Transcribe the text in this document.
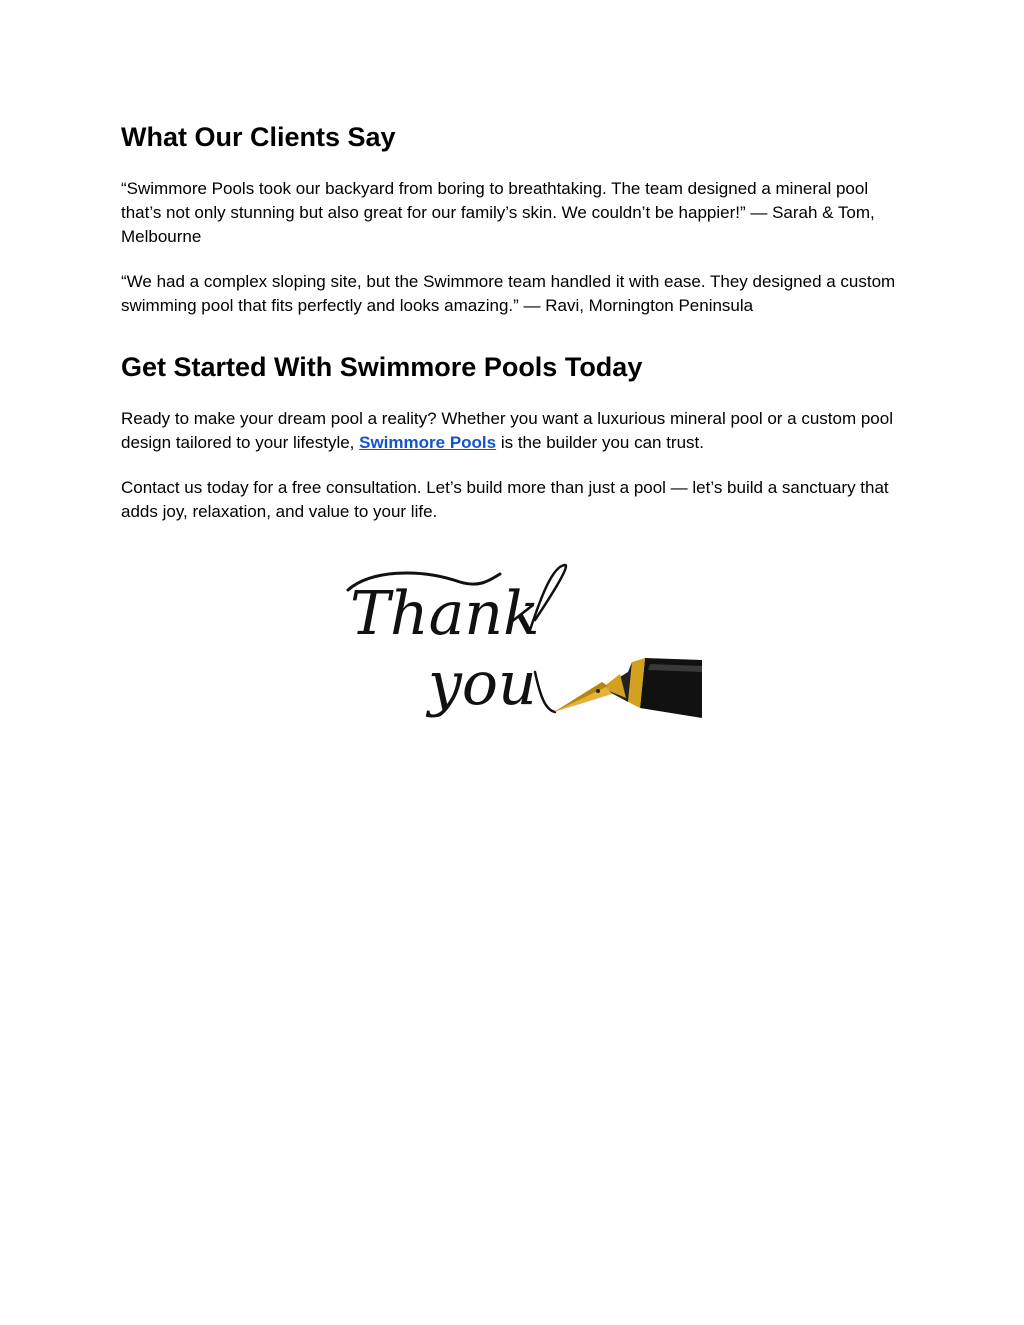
What Our Clients Say

“Swimmore Pools took our backyard from boring to breathtaking. The team designed a mineral pool that’s not only stunning but also great for our family’s skin. We couldn’t be happier!” — Sarah & Tom, Melbourne

“We had a complex sloping site, but the Swimmore team handled it with ease. They designed a custom swimming pool that fits perfectly and looks amazing.” — Ravi, Mornington Peninsula

Get Started With Swimmore Pools Today

Ready to make your dream pool a reality? Whether you want a luxurious mineral pool or a custom pool design tailored to your lifestyle, Swimmore Pools is the builder you can trust.

Contact us today for a free consultation. Let’s build more than just a pool — let’s build a sanctuary that adds joy, relaxation, and value to your life.

Thank
you
